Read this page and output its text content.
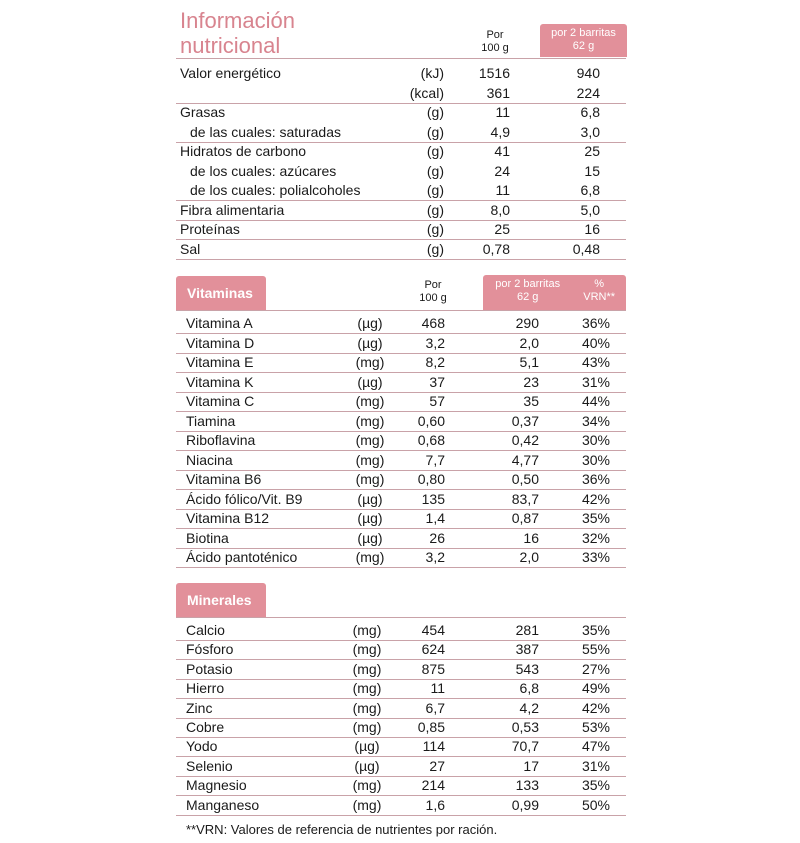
Información
nutricional	Por
100 g
por 2 barritas
62 g
Valor energético	(kJ)	1516	940
(kcal)	361	224
Grasas	(g)	11	6,8
de las cuales: saturadas	(g)	4,9	3,0
Hidratos de carbono	(g)	41	25
de los cuales: azúcares	(g)	24	15
de los cuales: polialcoholes	(g)	11	6,8
Fibra alimentaria	(g)	8,0	5,0
Proteínas	(g)	25	16
Sal	(g)	0,78	0,48
Vitaminas	Por
100 g
por 2 barritas
62 g
%
VRN**
Vitamina A	(µg)	468	290	36%
Vitamina D	(µg)	3,2	2,0	40%
Vitamina E	(mg)	8,2	5,1	43%
Vitamina K	(µg)	37	23	31%
Vitamina C	(mg)	57	35	44%
Tiamina	(mg)	0,60	0,37	34%
Riboflavina	(mg)	0,68	0,42	30%
Niacina	(mg)	7,7	4,77	30%
Vitamina B6	(mg)	0,80	0,50	36%
Ácido fólico/Vit. B9	(µg)	135	83,7	42%
Vitamina B12	(µg)	1,4	0,87	35%
Biotina	(µg)	26	16	32%
Ácido pantoténico	(mg)	3,2	2,0	33%
Minerales
Calcio	(mg)	454	281	35%
Fósforo	(mg)	624	387	55%
Potasio	(mg)	875	543	27%
Hierro	(mg)	11	6,8	49%
Zinc	(mg)	6,7	4,2	42%
Cobre	(mg)	0,85	0,53	53%
Yodo	(µg)	114	70,7	47%
Selenio	(µg)	27	17	31%
Magnesio	(mg)	214	133	35%
Manganeso	(mg)	1,6	0,99	50%
**VRN: Valores de referencia de nutrientes por ración.
